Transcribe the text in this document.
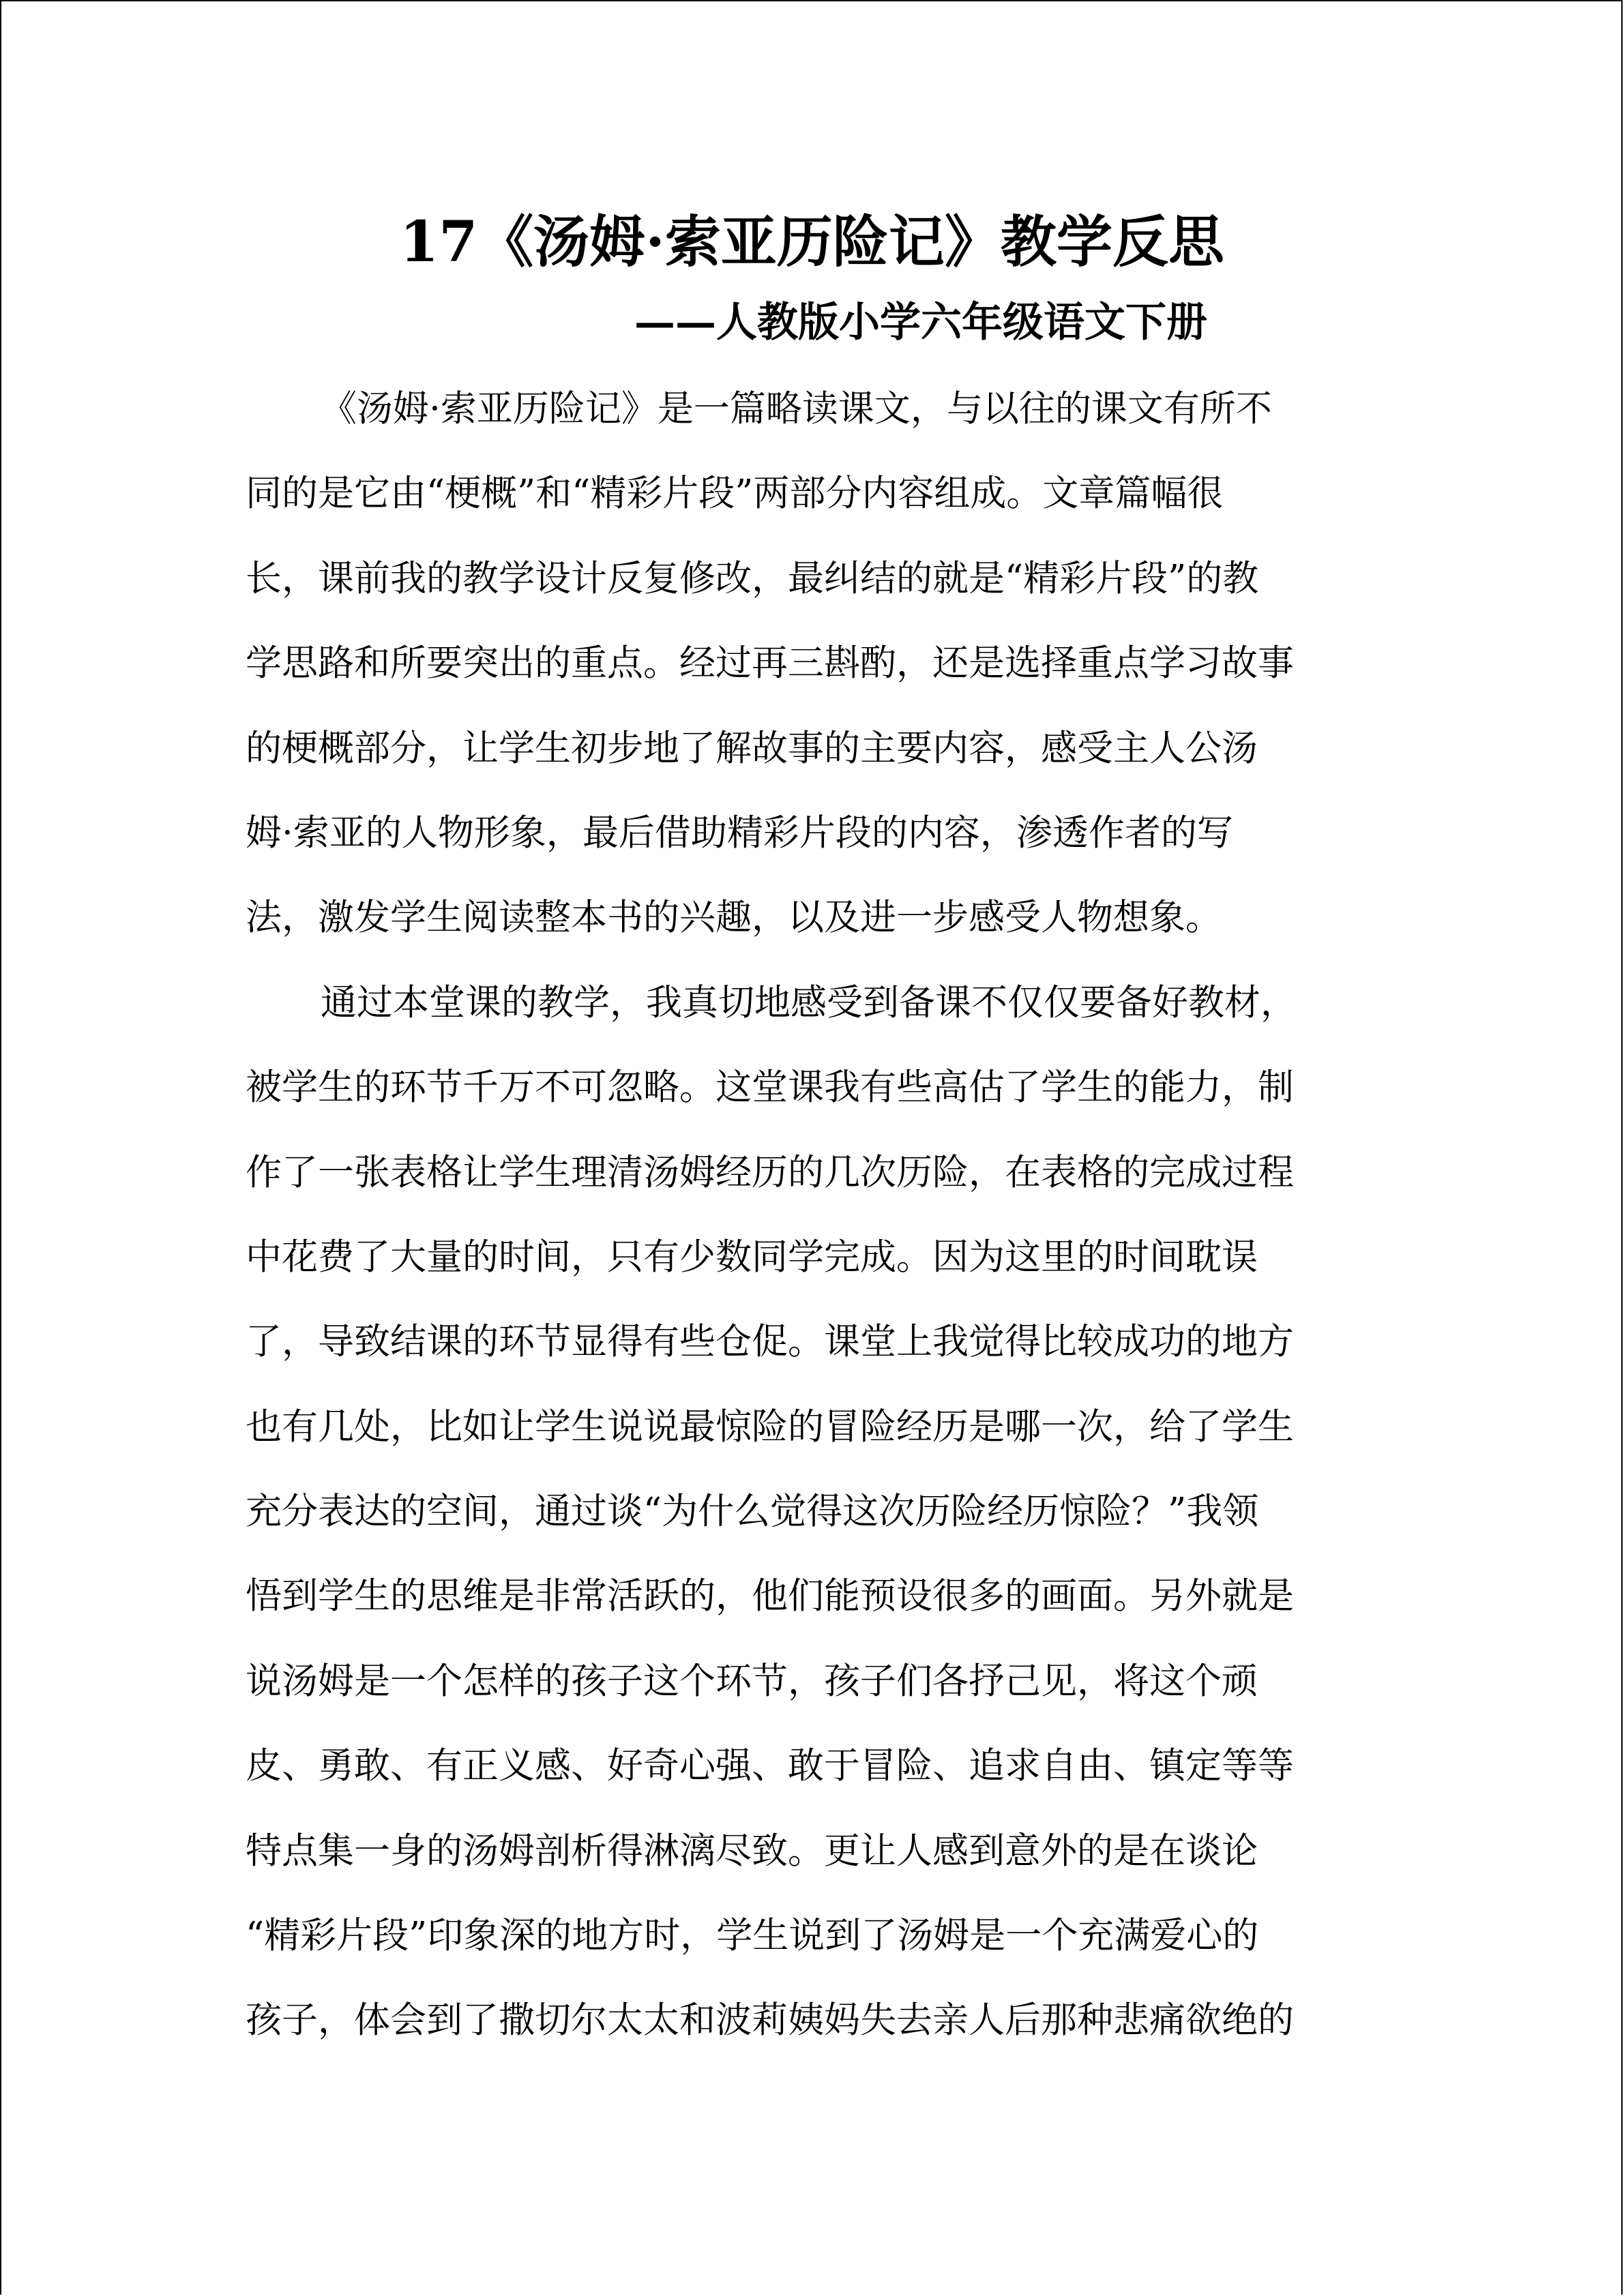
17《汤姆·索亚历险记》教学反思
——人教版小学六年级语文下册
《汤姆·索亚历险记》是一篇略读课文，与以往的课文有所不
同的是它由“梗概”和“精彩片段”两部分内容组成。文章篇幅很
长，课前我的教学设计反复修改，最纠结的就是“精彩片段”的教
学思路和所要突出的重点。经过再三斟酌，还是选择重点学习故事
的梗概部分，让学生初步地了解故事的主要内容，感受主人公汤
姆·索亚的人物形象，最后借助精彩片段的内容，渗透作者的写
法，激发学生阅读整本书的兴趣，以及进一步感受人物想象。
通过本堂课的教学，我真切地感受到备课不仅仅要备好教材，
被学生的环节千万不可忽略。这堂课我有些高估了学生的能力，制
作了一张表格让学生理清汤姆经历的几次历险，在表格的完成过程
中花费了大量的时间，只有少数同学完成。因为这里的时间耽误
了，导致结课的环节显得有些仓促。课堂上我觉得比较成功的地方
也有几处，比如让学生说说最惊险的冒险经历是哪一次，给了学生
充分表达的空间，通过谈“为什么觉得这次历险经历惊险？”我领
悟到学生的思维是非常活跃的，他们能预设很多的画面。另外就是
说汤姆是一个怎样的孩子这个环节，孩子们各抒己见，将这个顽
皮、勇敢、有正义感、好奇心强、敢于冒险、追求自由、镇定等等
特点集一身的汤姆剖析得淋漓尽致。更让人感到意外的是在谈论
“精彩片段”印象深的地方时，学生说到了汤姆是一个充满爱心的
孩子，体会到了撒切尔太太和波莉姨妈失去亲人后那种悲痛欲绝的
